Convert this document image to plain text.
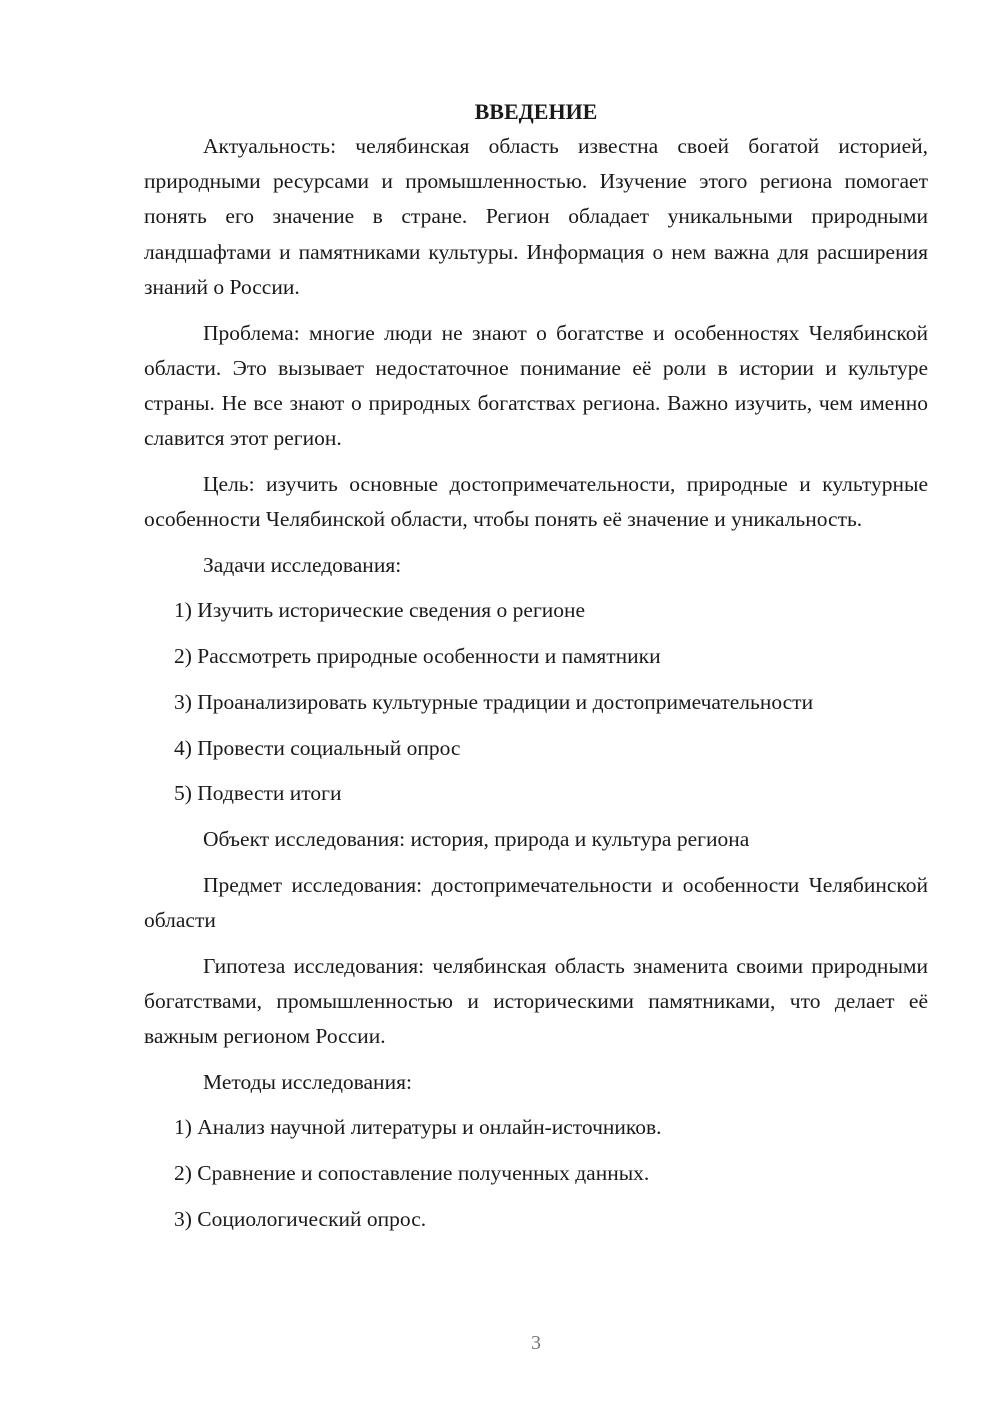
ВВЕДЕНИЕ

Актуальность: челябинская область известна своей богатой историей, природными ресурсами и промышленностью. Изучение этого региона помогает понять его значение в стране. Регион обладает уникальными природными ландшафтами и памятниками культуры. Информация о нем важна для расширения знаний о России.

Проблема: многие люди не знают о богатстве и особенностях Челябинской области. Это вызывает недостаточное понимание её роли в истории и культуре страны. Не все знают о природных богатствах региона. Важно изучить, чем именно славится этот регион.

Цель: изучить основные достопримечательности, природные и культурные особенности Челябинской области, чтобы понять её значение и уникальность.

Задачи исследования:

1) Изучить исторические сведения о регионе
2) Рассмотреть природные особенности и памятники
3) Проанализировать культурные традиции и достопримечательности
4) Провести социальный опрос
5) Подвести итоги

Объект исследования: история, природа и культура региона

Предмет исследования: достопримечательности и особенности Челябинской области

Гипотеза исследования: челябинская область знаменита своими природными богатствами, промышленностью и историческими памятниками, что делает её важным регионом России.

Методы исследования:

1) Анализ научной литературы и онлайн-источников.
2) Сравнение и сопоставление полученных данных.
3) Социологический опрос.
3
